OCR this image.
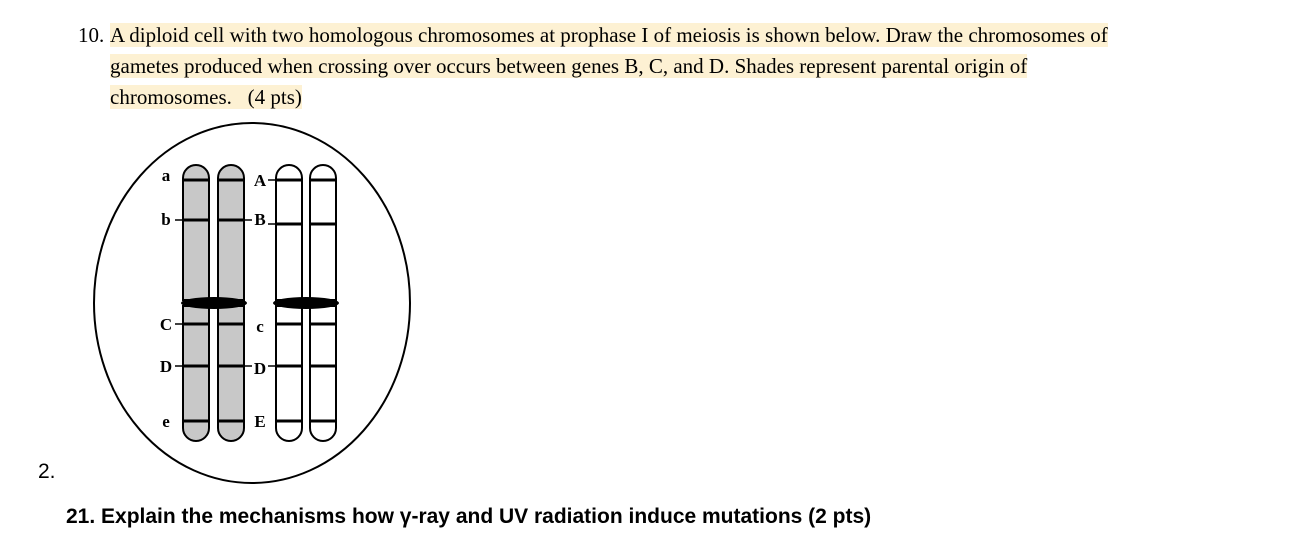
10. A diploid cell with two homologous chromosomes at prophase I of meiosis is shown below. Draw the chromosomes of
gametes produced when crossing over occurs between genes B, C, and D. Shades represent parental origin of
chromosomes.   (4 pts)
a
b
C
D
e
A
B
c
D
E
2.
21. Explain the mechanisms how γ-ray and UV radiation induce mutations (2 pts)
